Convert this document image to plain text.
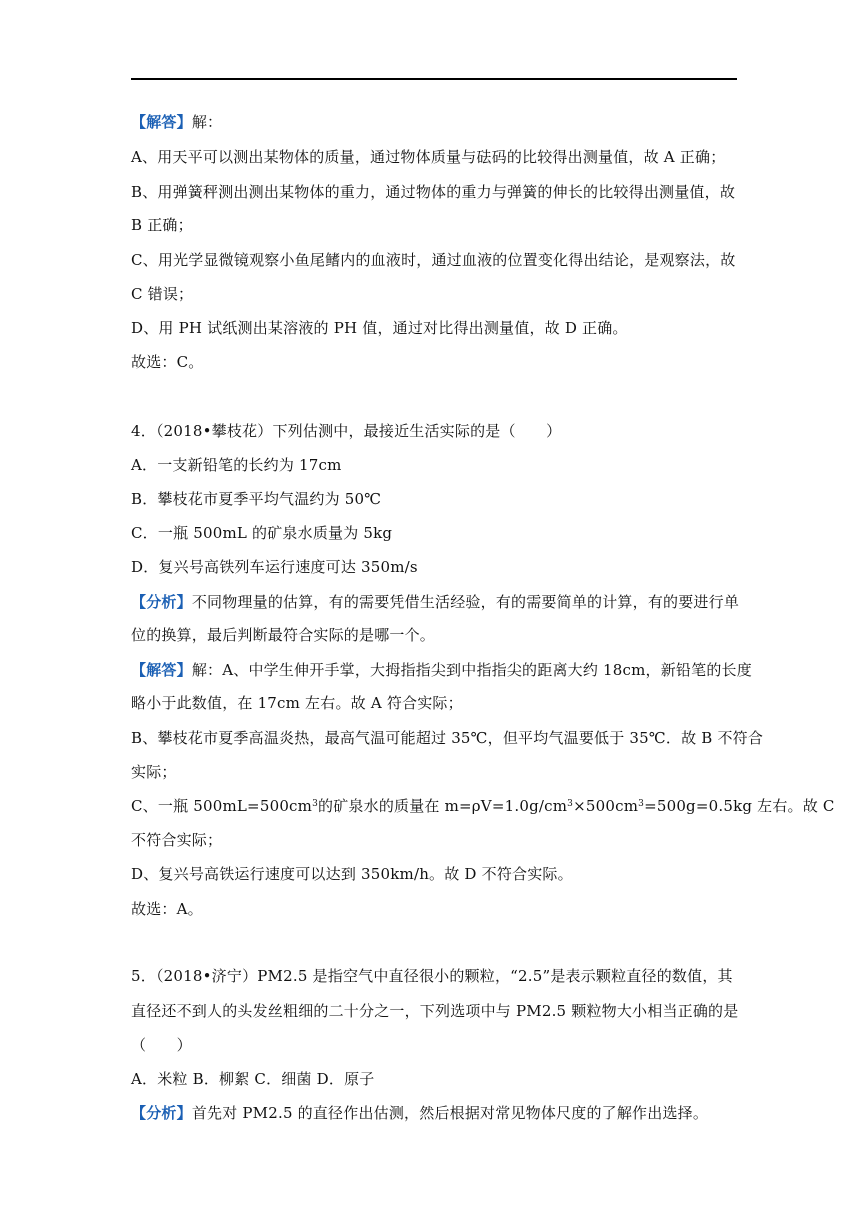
【解答】解：
A、用天平可以测出某物体的质量，通过物体质量与砝码的比较得出测量值，故 A 正确；
B、用弹簧秤测出测出某物体的重力，通过物体的重力与弹簧的伸长的比较得出测量值，故
B 正确；
C、用光学显微镜观察小鱼尾鳍内的血液时，通过血液的位置变化得出结论，是观察法，故
C 错误；
D、用 PH 试纸测出某溶液的 PH 值，通过对比得出测量值，故 D 正确。
故选：C。
4．（2018•攀枝花）下列估测中，最接近生活实际的是（　　）
A．一支新铅笔的长约为 17cm
B．攀枝花市夏季平均气温约为 50℃
C．一瓶 500mL 的矿泉水质量为 5kg
D．复兴号高铁列车运行速度可达 350m/s
【分析】不同物理量的估算，有的需要凭借生活经验，有的需要简单的计算，有的要进行单
位的换算，最后判断最符合实际的是哪一个。
【解答】解：A、中学生伸开手掌，大拇指指尖到中指指尖的距离大约 18cm，新铅笔的长度
略小于此数值，在 17cm 左右。故 A 符合实际；
B、攀枝花市夏季高温炎热，最高气温可能超过 35℃，但平均气温要低于 35℃．故 B 不符合
实际；
C、一瓶 $500mL=500cm^3$的矿泉水的质量在 $m=\rho V=1.0g/cm^3\times 500cm^3=500g=0.5kg$ 左右。故 C
不符合实际；
D、复兴号高铁运行速度可以达到 350km/h。故 D 不符合实际。
故选：A。
5．（2018•济宁）PM2.5 是指空气中直径很小的颗粒，“2.5”是表示颗粒直径的数值，其
直径还不到人的头发丝粗细的二十分之一，下列选项中与 PM2.5 颗粒物大小相当正确的是
（　　）
A．米粒 B．柳絮 C．细菌 D．原子
【分析】首先对 PM2.5 的直径作出估测，然后根据对常见物体尺度的了解作出选择。
